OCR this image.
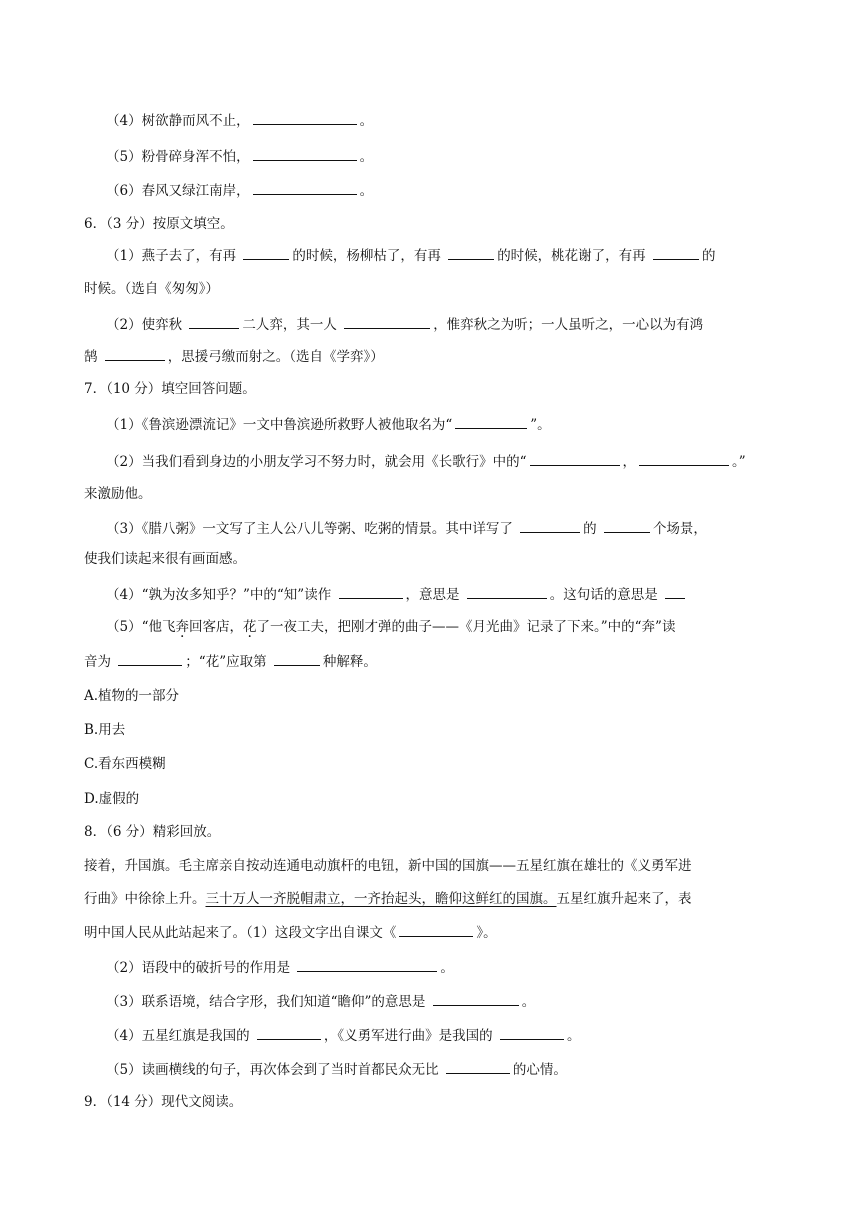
（4）树欲静而风不止，	。
（5）粉骨碎身浑不怕，	。
（6）春风又绿江南岸，	。
6．（3 分）按原文填空。
（1）燕子去了，有再	的时候，杨柳枯了，有再	的时候，桃花谢了，有再	的
时候。（选自《匆匆》）
（2）使弈秋	二人弈，其一人	，惟弈秋之为听；一人虽听之，一心以为有鸿
鹄	，思援弓缴而射之。（选自《学弈》）
7．（10 分）填空回答问题。
（1）《鲁滨逊漂流记》一文中鲁滨逊所救野人被他取名为“	”。
（2）当我们看到身边的小朋友学习不努力时，就会用《长歌行》中的“	，	。”
来激励他。
（3）《腊八粥》一文写了主人公八儿等粥、吃粥的情景。其中详写了	的	个场景，
使我们读起来很有画面感。
（4）“孰为汝多知乎？”中的“知”读作	，意思是	。这句话的意思是
（5）“他飞奔回客店，花了一夜工夫，把刚才弹的曲子——《月光曲》记录了下来。”中的“奔”读
音为	；“花”应取第	种解释。
A.植物的一部分
B.用去
C.看东西模糊
D.虚假的
8．（6 分）精彩回放。
接着，升国旗。毛主席亲自按动连通电动旗杆的电钮，新中国的国旗——五星红旗在雄壮的《义勇军进
行曲》中徐徐上升。三十万人一齐脱帽肃立，一齐抬起头，瞻仰这鲜红的国旗。五星红旗升起来了，表
明中国人民从此站起来了。（1）这段文字出自课文《	》。
（2）语段中的破折号的作用是	。
（3）联系语境，结合字形，我们知道“瞻仰”的意思是	。
（4）五星红旗是我国的	，《义勇军进行曲》是我国的	。
（5）读画横线的句子，再次体会到了当时首都民众无比	的心情。
9．（14 分）现代文阅读。
